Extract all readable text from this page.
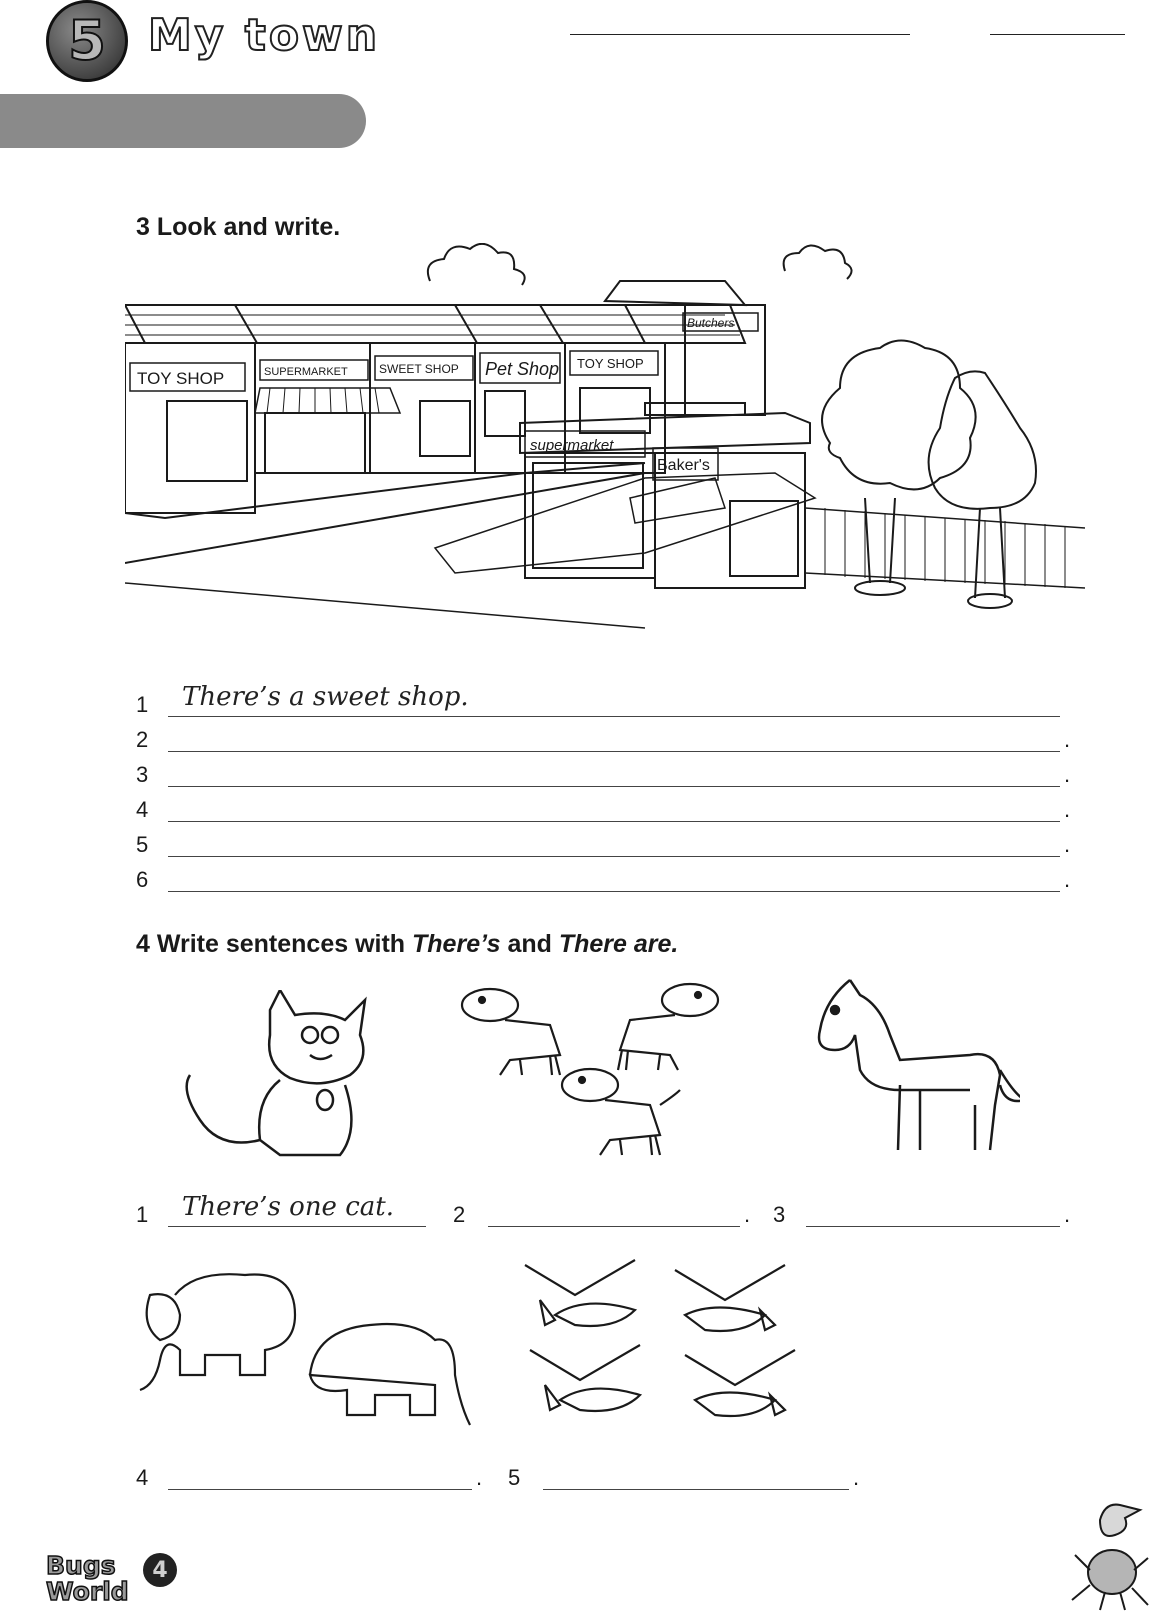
5 My town
3 Look and write.
TOY SHOP	SUPERMARKET	SWEET SHOP Pet Shop TOY SHOP
Butchers
supermarket
Baker's
1 There’s a sweet shop.
2	.
3	.
4	.
5	.
6	.
4 Write sentences with There’s and There are.
1 There’s one cat.	2	. 3	.
4	. 5	.
Bugs
World
4
